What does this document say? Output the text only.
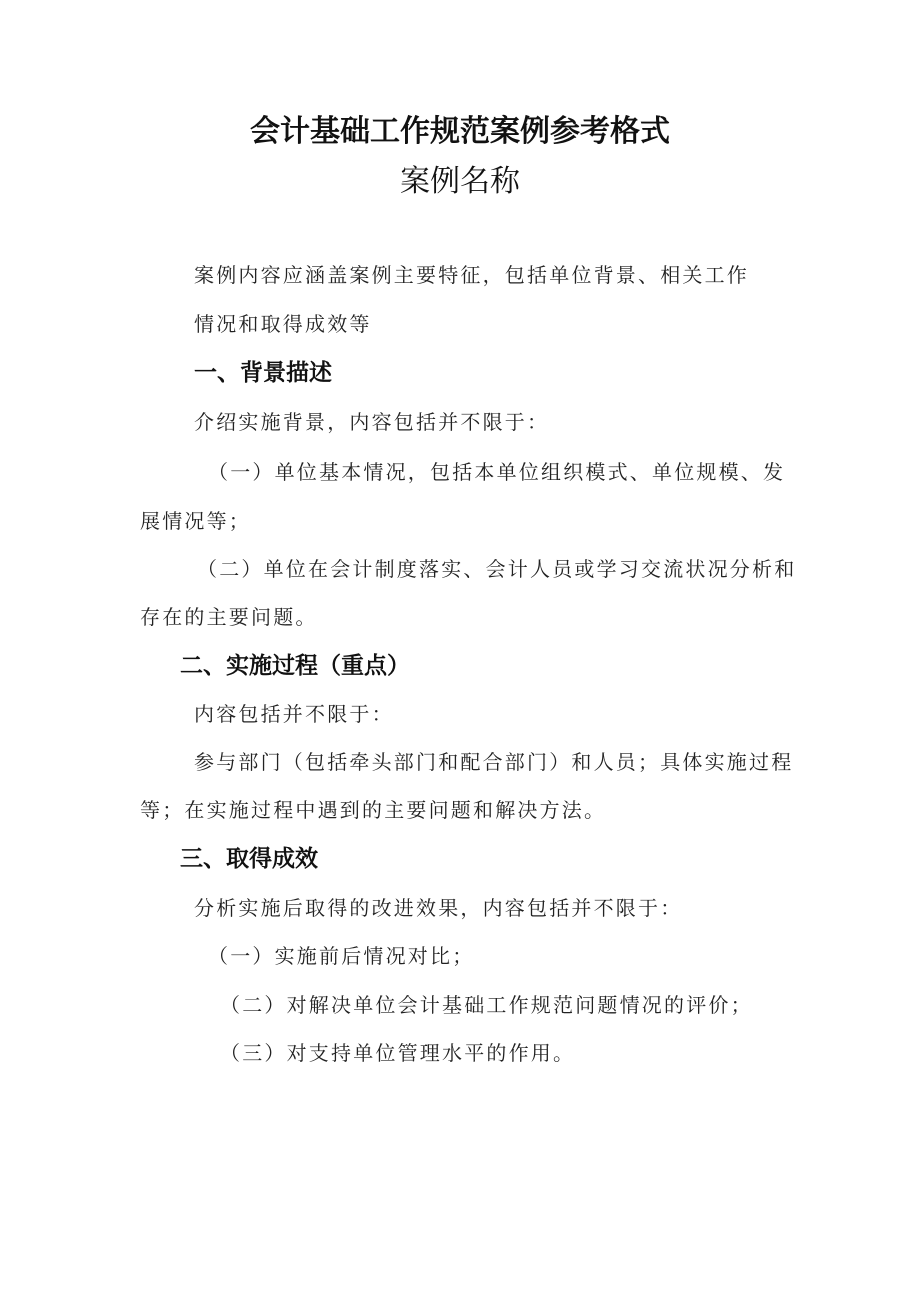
会计基础工作规范案例参考格式
案例名称

案例内容应涵盖案例主要特征，包括单位背景、相关工作

情况和取得成效等

一、背景描述

介绍实施背景，内容包括并不限于：

（一）单位基本情况，包括本单位组织模式、单位规模、发

展情况等；

（二）单位在会计制度落实、会计人员或学习交流状况分析和

存在的主要问题。

二、实施过程（重点）

内容包括并不限于：

参与部门（包括牵头部门和配合部门）和人员；具体实施过程

等；在实施过程中遇到的主要问题和解决方法。

三、取得成效

分析实施后取得的改进效果，内容包括并不限于：

（一）实施前后情况对比；

（二）对解决单位会计基础工作规范问题情况的评价；

（三）对支持单位管理水平的作用。
